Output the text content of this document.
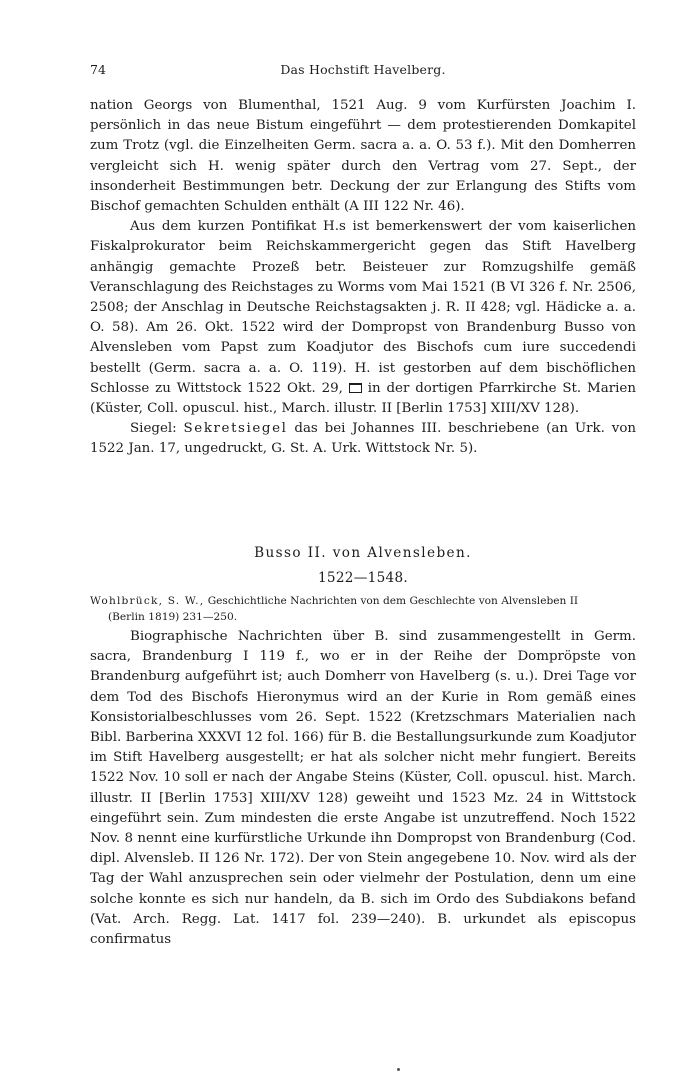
74	Das Hochstift Havelberg.

nation Georgs von Blumenthal, 1521 Aug. 9 vom Kurfürsten Joachim I. persönlich in das neue Bistum eingeführt — dem protestierenden Domkapitel zum Trotz (vgl. die Einzelheiten Germ. sacra a. a. O. 53 f.). Mit den Domherren vergleicht sich H. wenig später durch den Vertrag vom 27. Sept., der insonderheit Bestimmungen betr. Deckung der zur Erlangung des Stifts vom Bischof gemachten Schulden enthält (A III 122 Nr. 46).

Aus dem kurzen Pontifikat H.s ist bemerkenswert der vom kaiserlichen Fiskalprokurator beim Reichskammergericht gegen das Stift Havelberg anhängig gemachte Prozeß betr. Beisteuer zur Romzugshilfe gemäß Veranschlagung des Reichstages zu Worms vom Mai 1521 (B VI 326 f. Nr. 2506, 2508; der Anschlag in Deutsche Reichstagsakten j. R. II 428; vgl. Hädicke a. a. O. 58). Am 26. Okt. 1522 wird der Dompropst von Brandenburg Busso von Alvensleben vom Papst zum Koadjutor des Bischofs cum iure succedendi bestellt (Germ. sacra a. a. O. 119). H. ist gestorben auf dem bischöflichen Schlosse zu Wittstock 1522 Okt. 29, in der dortigen Pfarrkirche St. Marien (Küster, Coll. opuscul. hist., March. illustr. II [Berlin 1753] XIII/XV 128).

Siegel: Sekretsiegel das bei Johannes III. beschriebene (an Urk. von 1522 Jan. 17, ungedruckt, G. St. A. Urk. Wittstock Nr. 5).

Busso II. von Alvensleben.
1522—1548.
Wohlbrück, S. W., Geschichtliche Nachrichten von dem Geschlechte von Alvensleben II
(Berlin 1819) 231—250.

Biographische Nachrichten über B. sind zusammengestellt in Germ. sacra, Brandenburg I 119 f., wo er in der Reihe der Dompröpste von Brandenburg aufgeführt ist; auch Domherr von Havelberg (s. u.). Drei Tage vor dem Tod des Bischofs Hieronymus wird an der Kurie in Rom gemäß eines Konsistorialbeschlusses vom 26. Sept. 1522 (Kretzschmars Materialien nach Bibl. Barberina XXXVI 12 fol. 166) für B. die Bestallungsurkunde zum Koadjutor im Stift Havelberg ausgestellt; er hat als solcher nicht mehr fungiert. Bereits 1522 Nov. 10 soll er nach der Angabe Steins (Küster, Coll. opuscul. hist. March. illustr. II [Berlin 1753] XIII/XV 128) geweiht und 1523 Mz. 24 in Wittstock eingeführt sein. Zum mindesten die erste Angabe ist unzutreffend. Noch 1522 Nov. 8 nennt eine kurfürstliche Urkunde ihn Dompropst von Brandenburg (Cod. dipl. Alvensleb. II 126 Nr. 172). Der von Stein angegebene 10. Nov. wird als der Tag der Wahl anzusprechen sein oder vielmehr der Postulation, denn um eine solche konnte es sich nur handeln, da B. sich im Ordo des Subdiakons befand (Vat. Arch. Regg. Lat. 1417 fol. 239—240). B. urkundet als episcopus confirmatus
